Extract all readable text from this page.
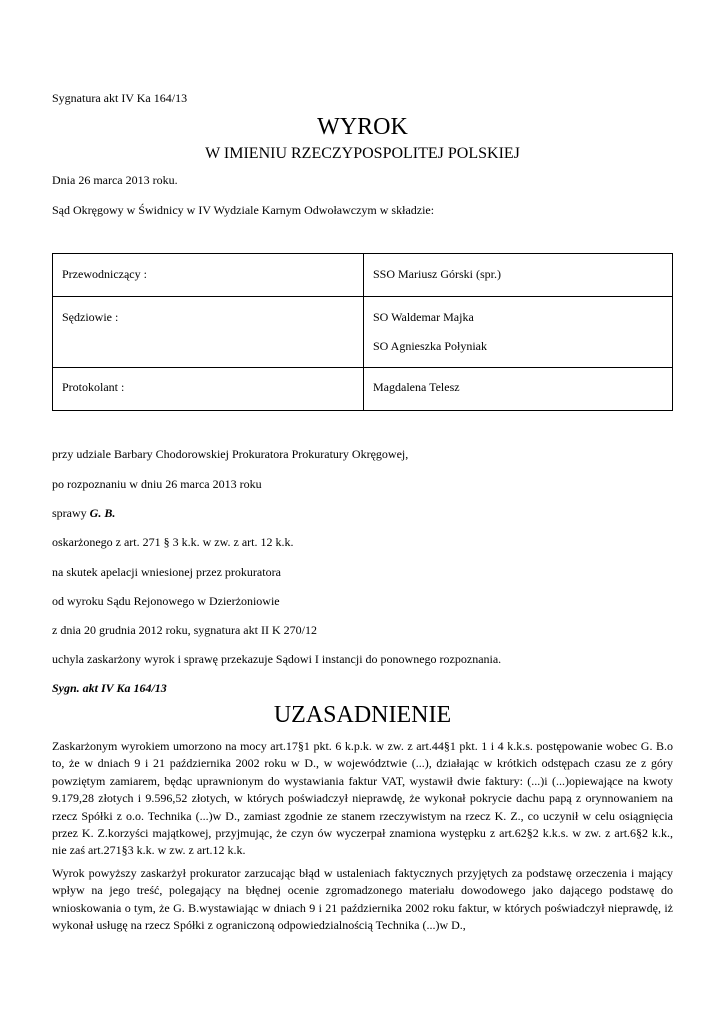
Sygnatura akt IV Ka 164/13
WYROK
W IMIENIU RZECZYPOSPOLITEJ POLSKIEJ
Dnia 26 marca 2013 roku.
Sąd Okręgowy w Świdnicy w IV Wydziale Karnym Odwoławczym w składzie:
Przewodniczący :	SSO Mariusz Górski (spr.)
Sędziowie :	SO Waldemar Majka
SO Agnieszka Połyniak

Protokolant :	Magdalena Telesz
przy udziale Barbary Chodorowskiej Prokuratora Prokuratury Okręgowej,
po rozpoznaniu w dniu 26 marca 2013 roku
sprawy G. B.
oskarżonego z art. 271 § 3 k.k. w zw. z art. 12 k.k.
na skutek apelacji wniesionej przez prokuratora
od wyroku Sądu Rejonowego w Dzierżoniowie
z dnia 20 grudnia 2012 roku, sygnatura akt II K 270/12
uchyla zaskarżony wyrok i sprawę przekazuje Sądowi I instancji do ponownego rozpoznania.
Sygn. akt IV Ka 164/13
UZASADNIENIE

Zaskarżonym wyrokiem umorzono na mocy art.17§1 pkt. 6 k.p.k. w zw. z art.44§1 pkt. 1 i 4 k.k.s. postępowanie wobec G. B.o to, że w dniach 9 i 21 października 2002 roku w D., w województwie (...), działając w krótkich odstępach czasu ze z góry powziętym zamiarem, będąc uprawnionym do wystawiania faktur VAT, wystawił dwie faktury: (...)i (...)opiewające na kwoty 9.179,28 złotych i 9.596,52 złotych, w których poświadczył nieprawdę, że wykonał pokrycie dachu papą z orynnowaniem na rzecz Spółki z o.o. Technika (...)w D., zamiast zgodnie ze stanem rzeczywistym na rzecz K. Z., co uczynił w celu osiągnięcia przez K. Z.korzyści majątkowej, przyjmując, że czyn ów wyczerpał znamiona występku z art.62§2 k.k.s. w zw. z art.6§2 k.k., nie zaś art.271§3 k.k. w zw. z art.12 k.k.

Wyrok powyższy zaskarżył prokurator zarzucając błąd w ustaleniach faktycznych przyjętych za podstawę orzeczenia i mający wpływ na jego treść, polegający na błędnej ocenie zgromadzonego materiału dowodowego jako dającego podstawę do wnioskowania o tym, że G. B.wystawiając w dniach 9 i 21 października 2002 roku faktur, w których poświadczył nieprawdę, iż wykonał usługę na rzecz Spółki z ograniczoną odpowiedzialnością Technika (...)w D.,
